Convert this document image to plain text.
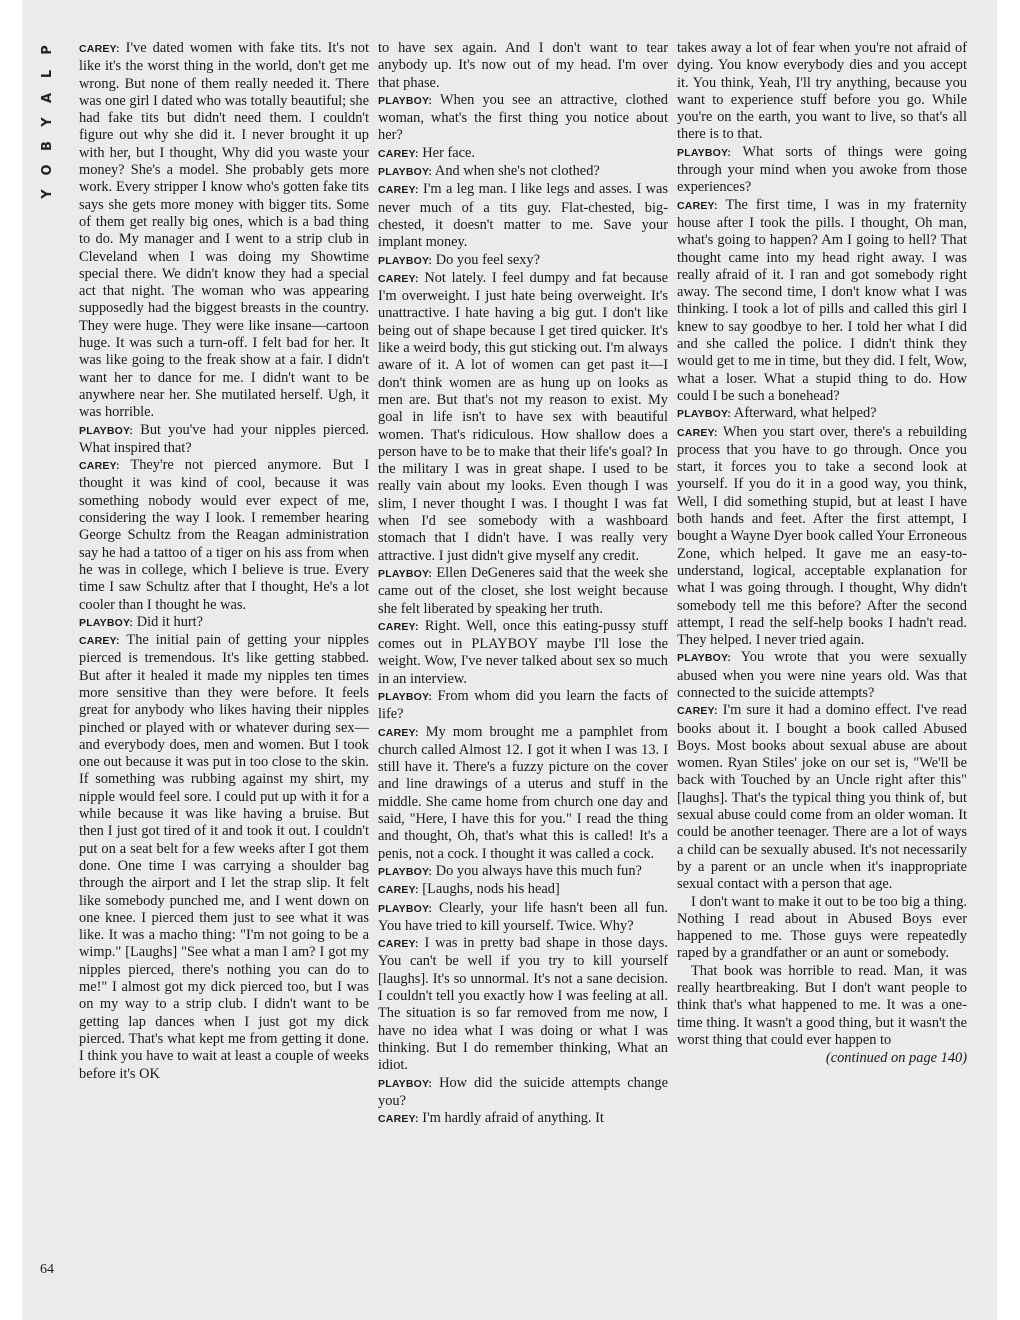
P
L
A
Y
B
O
Y

CAREY: I've dated women with fake tits. It's not like it's the worst thing in the world, don't get me wrong. But none of them really needed it. There was one girl I dated who was totally beautiful; she had fake tits but didn't need them. I couldn't figure out why she did it. I never brought it up with her, but I thought, Why did you waste your money? She's a model. She probably gets more work. Every stripper I know who's gotten fake tits says she gets more money with bigger tits. Some of them get really big ones, which is a bad thing to do. My manager and I went to a strip club in Cleveland when I was doing my Showtime special there. We didn't know they had a special act that night. The woman who was appearing supposedly had the biggest breasts in the country. They were huge. They were like insane—cartoon huge. It was such a turn-off. I felt bad for her. It was like going to the freak show at a fair. I didn't want her to dance for me. I didn't want to be anywhere near her. She mutilated herself. Ugh, it was horrible.

PLAYBOY: But you've had your nipples pierced. What inspired that?

CAREY: They're not pierced anymore. But I thought it was kind of cool, because it was something nobody would ever expect of me, considering the way I look. I remember hearing George Schultz from the Reagan administration say he had a tattoo of a tiger on his ass from when he was in college, which I believe is true. Every time I saw Schultz after that I thought, He's a lot cooler than I thought he was.

PLAYBOY: Did it hurt?

CAREY: The initial pain of getting your nipples pierced is tremendous. It's like getting stabbed. But after it healed it made my nipples ten times more sensitive than they were before. It feels great for anybody who likes having their nipples pinched or played with or whatever during sex—and everybody does, men and women. But I took one out because it was put in too close to the skin. If something was rubbing against my shirt, my nipple would feel sore. I could put up with it for a while because it was like having a bruise. But then I just got tired of it and took it out. I couldn't put on a seat belt for a few weeks after I got them done. One time I was carrying a shoulder bag through the airport and I let the strap slip. It felt like somebody punched me, and I went down on one knee. I pierced them just to see what it was like. It was a macho thing: "I'm not going to be a wimp." [Laughs] "See what a man I am? I got my nipples pierced, there's nothing you can do to me!" I almost got my dick pierced too, but I was on my way to a strip club. I didn't want to be getting lap dances when I just got my dick pierced. That's what kept me from getting it done. I think you have to wait at least a couple of weeks before it's OK

to have sex again. And I don't want to tear anybody up. It's now out of my head. I'm over that phase.

PLAYBOY: When you see an attractive, clothed woman, what's the first thing you notice about her?

CAREY: Her face.

PLAYBOY: And when she's not clothed?

CAREY: I'm a leg man. I like legs and asses. I was never much of a tits guy. Flat-chested, big-chested, it doesn't matter to me. Save your implant money.

PLAYBOY: Do you feel sexy?

CAREY: Not lately. I feel dumpy and fat because I'm overweight. I just hate being overweight. It's unattractive. I hate having a big gut. I don't like being out of shape because I get tired quicker. It's like a weird body, this gut sticking out. I'm always aware of it. A lot of women can get past it—I don't think women are as hung up on looks as men are. But that's not my reason to exist. My goal in life isn't to have sex with beautiful women. That's ridiculous. How shallow does a person have to be to make that their life's goal? In the military I was in great shape. I used to be really vain about my looks. Even though I was slim, I never thought I was. I thought I was fat when I'd see somebody with a washboard stomach that I didn't have. I was really very attractive. I just didn't give myself any credit.

PLAYBOY: Ellen DeGeneres said that the week she came out of the closet, she lost weight because she felt liberated by speaking her truth.

CAREY: Right. Well, once this eating-pussy stuff comes out in PLAYBOY maybe I'll lose the weight. Wow, I've never talked about sex so much in an interview.

PLAYBOY: From whom did you learn the facts of life?

CAREY: My mom brought me a pamphlet from church called Almost 12. I got it when I was 13. I still have it. There's a fuzzy picture on the cover and line drawings of a uterus and stuff in the middle. She came home from church one day and said, "Here, I have this for you." I read the thing and thought, Oh, that's what this is called! It's a penis, not a cock. I thought it was called a cock.

PLAYBOY: Do you always have this much fun?

CAREY: [Laughs, nods his head]

PLAYBOY: Clearly, your life hasn't been all fun. You have tried to kill yourself. Twice. Why?

CAREY: I was in pretty bad shape in those days. You can't be well if you try to kill yourself [laughs]. It's so unnormal. It's not a sane decision. I couldn't tell you exactly how I was feeling at all. The situation is so far removed from me now, I have no idea what I was doing or what I was thinking. But I do remember thinking, What an idiot.

PLAYBOY: How did the suicide attempts change you?

CAREY: I'm hardly afraid of anything. It

takes away a lot of fear when you're not afraid of dying. You know everybody dies and you accept it. You think, Yeah, I'll try anything, because you want to experience stuff before you go. While you're on the earth, you want to live, so that's all there is to that.

PLAYBOY: What sorts of things were going through your mind when you awoke from those experiences?

CAREY: The first time, I was in my fraternity house after I took the pills. I thought, Oh man, what's going to happen? Am I going to hell? That thought came into my head right away. I was really afraid of it. I ran and got somebody right away. The second time, I don't know what I was thinking. I took a lot of pills and called this girl I knew to say goodbye to her. I told her what I did and she called the police. I didn't think they would get to me in time, but they did. I felt, Wow, what a loser. What a stupid thing to do. How could I be such a bonehead?

PLAYBOY: Afterward, what helped?

CAREY: When you start over, there's a rebuilding process that you have to go through. Once you start, it forces you to take a second look at yourself. If you do it in a good way, you think, Well, I did something stupid, but at least I have both hands and feet. After the first attempt, I bought a Wayne Dyer book called Your Erroneous Zone, which helped. It gave me an easy-to-understand, logical, acceptable explanation for what I was going through. I thought, Why didn't somebody tell me this before? After the second attempt, I read the self-help books I hadn't read. They helped. I never tried again.

PLAYBOY: You wrote that you were sexually abused when you were nine years old. Was that connected to the suicide attempts?

CAREY: I'm sure it had a domino effect. I've read books about it. I bought a book called Abused Boys. Most books about sexual abuse are about women. Ryan Stiles' joke on our set is, "We'll be back with Touched by an Uncle right after this" [laughs]. That's the typical thing you think of, but sexual abuse could come from an older woman. It could be another teenager. There are a lot of ways a child can be sexually abused. It's not necessarily by a parent or an uncle when it's inappropriate sexual contact with a person that age.

I don't want to make it out to be too big a thing. Nothing I read about in Abused Boys ever happened to me. Those guys were repeatedly raped by a grandfather or an aunt or somebody.

That book was horrible to read. Man, it was really heartbreaking. But I don't want people to think that's what happened to me. It was a one-time thing. It wasn't a good thing, but it wasn't the worst thing that could ever happen to

(continued on page 140)

64
